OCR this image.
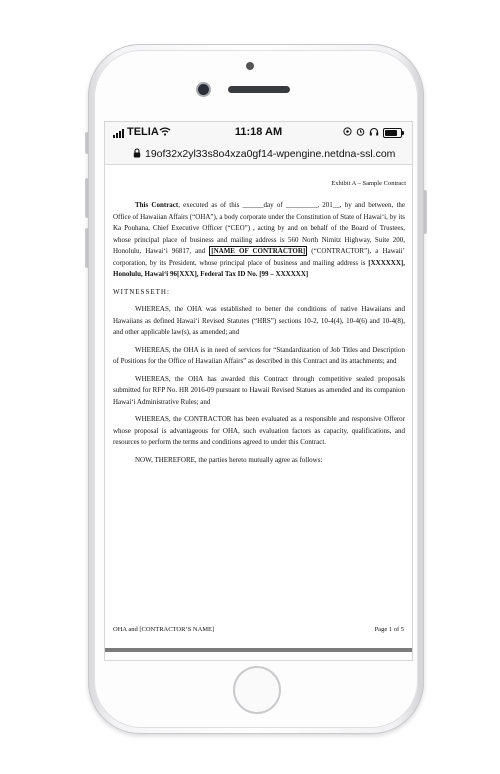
TELIA	11:18 AM
19of32x2yl33s8o4xza0gf14-wpengine.netdna-ssl.com
Exhibit A – Sample Contract

This Contract, executed as of this ______day of _________, 201__, by and between, the Office of Hawaiian Affairs (“OHA”), a body corporate under the Constitution of State of Hawai‘i, by its Ka Pouhana, Chief Executive Officer (“CEO”) , acting by and on behalf of the Board of Trustees, whose principal place of business and mailing address is 560 North Nimitz Highway, Suite 200, Honolulu, Hawai‘i 96817, and [NAME OF CONTRACTOR] (“CONTRACTOR”), a Hawaii’ corporation, by its President, whose principal place of business and mailing address is [XXXXXX], Honolulu, Hawai‘i 96[XXX], Federal Tax ID No. [99 – XXXXXX]

WITNESSETH:

WHEREAS, the OHA was established to better the conditions of native Hawaiians and Hawaiians as defined Hawai‘i Revised Statutes (“HRS”) sections 10-2, 10-4(4), 10-4(6) and 10-4(8), and other applicable law(s), as amended; and

WHEREAS, the OHA is in need of services for “Standardization of Job Titles and Description of Positions for the Office of Hawaiian Affairs” as described in this Contract and its attachments; and

WHEREAS, the OHA has awarded this Contract through competitive sealed proposals submitted for RFP No. HR 2016-09 pursuant to Hawaii Revised Statues as amended and its companion Hawai‘i Administrative Rules; and

WHEREAS, the CONTRACTOR has been evaluated as a responsible and responsive Offeror whose proposal is advantageous for OHA, such evaluation factors as capacity, qualifications, and resources to perform the terms and conditions agreed to under this Contract.

NOW, THEREFORE, the parties hereto mutually agree as follows:

OHA and [CONTRACTOR’S NAME]	Page 1 of 5
